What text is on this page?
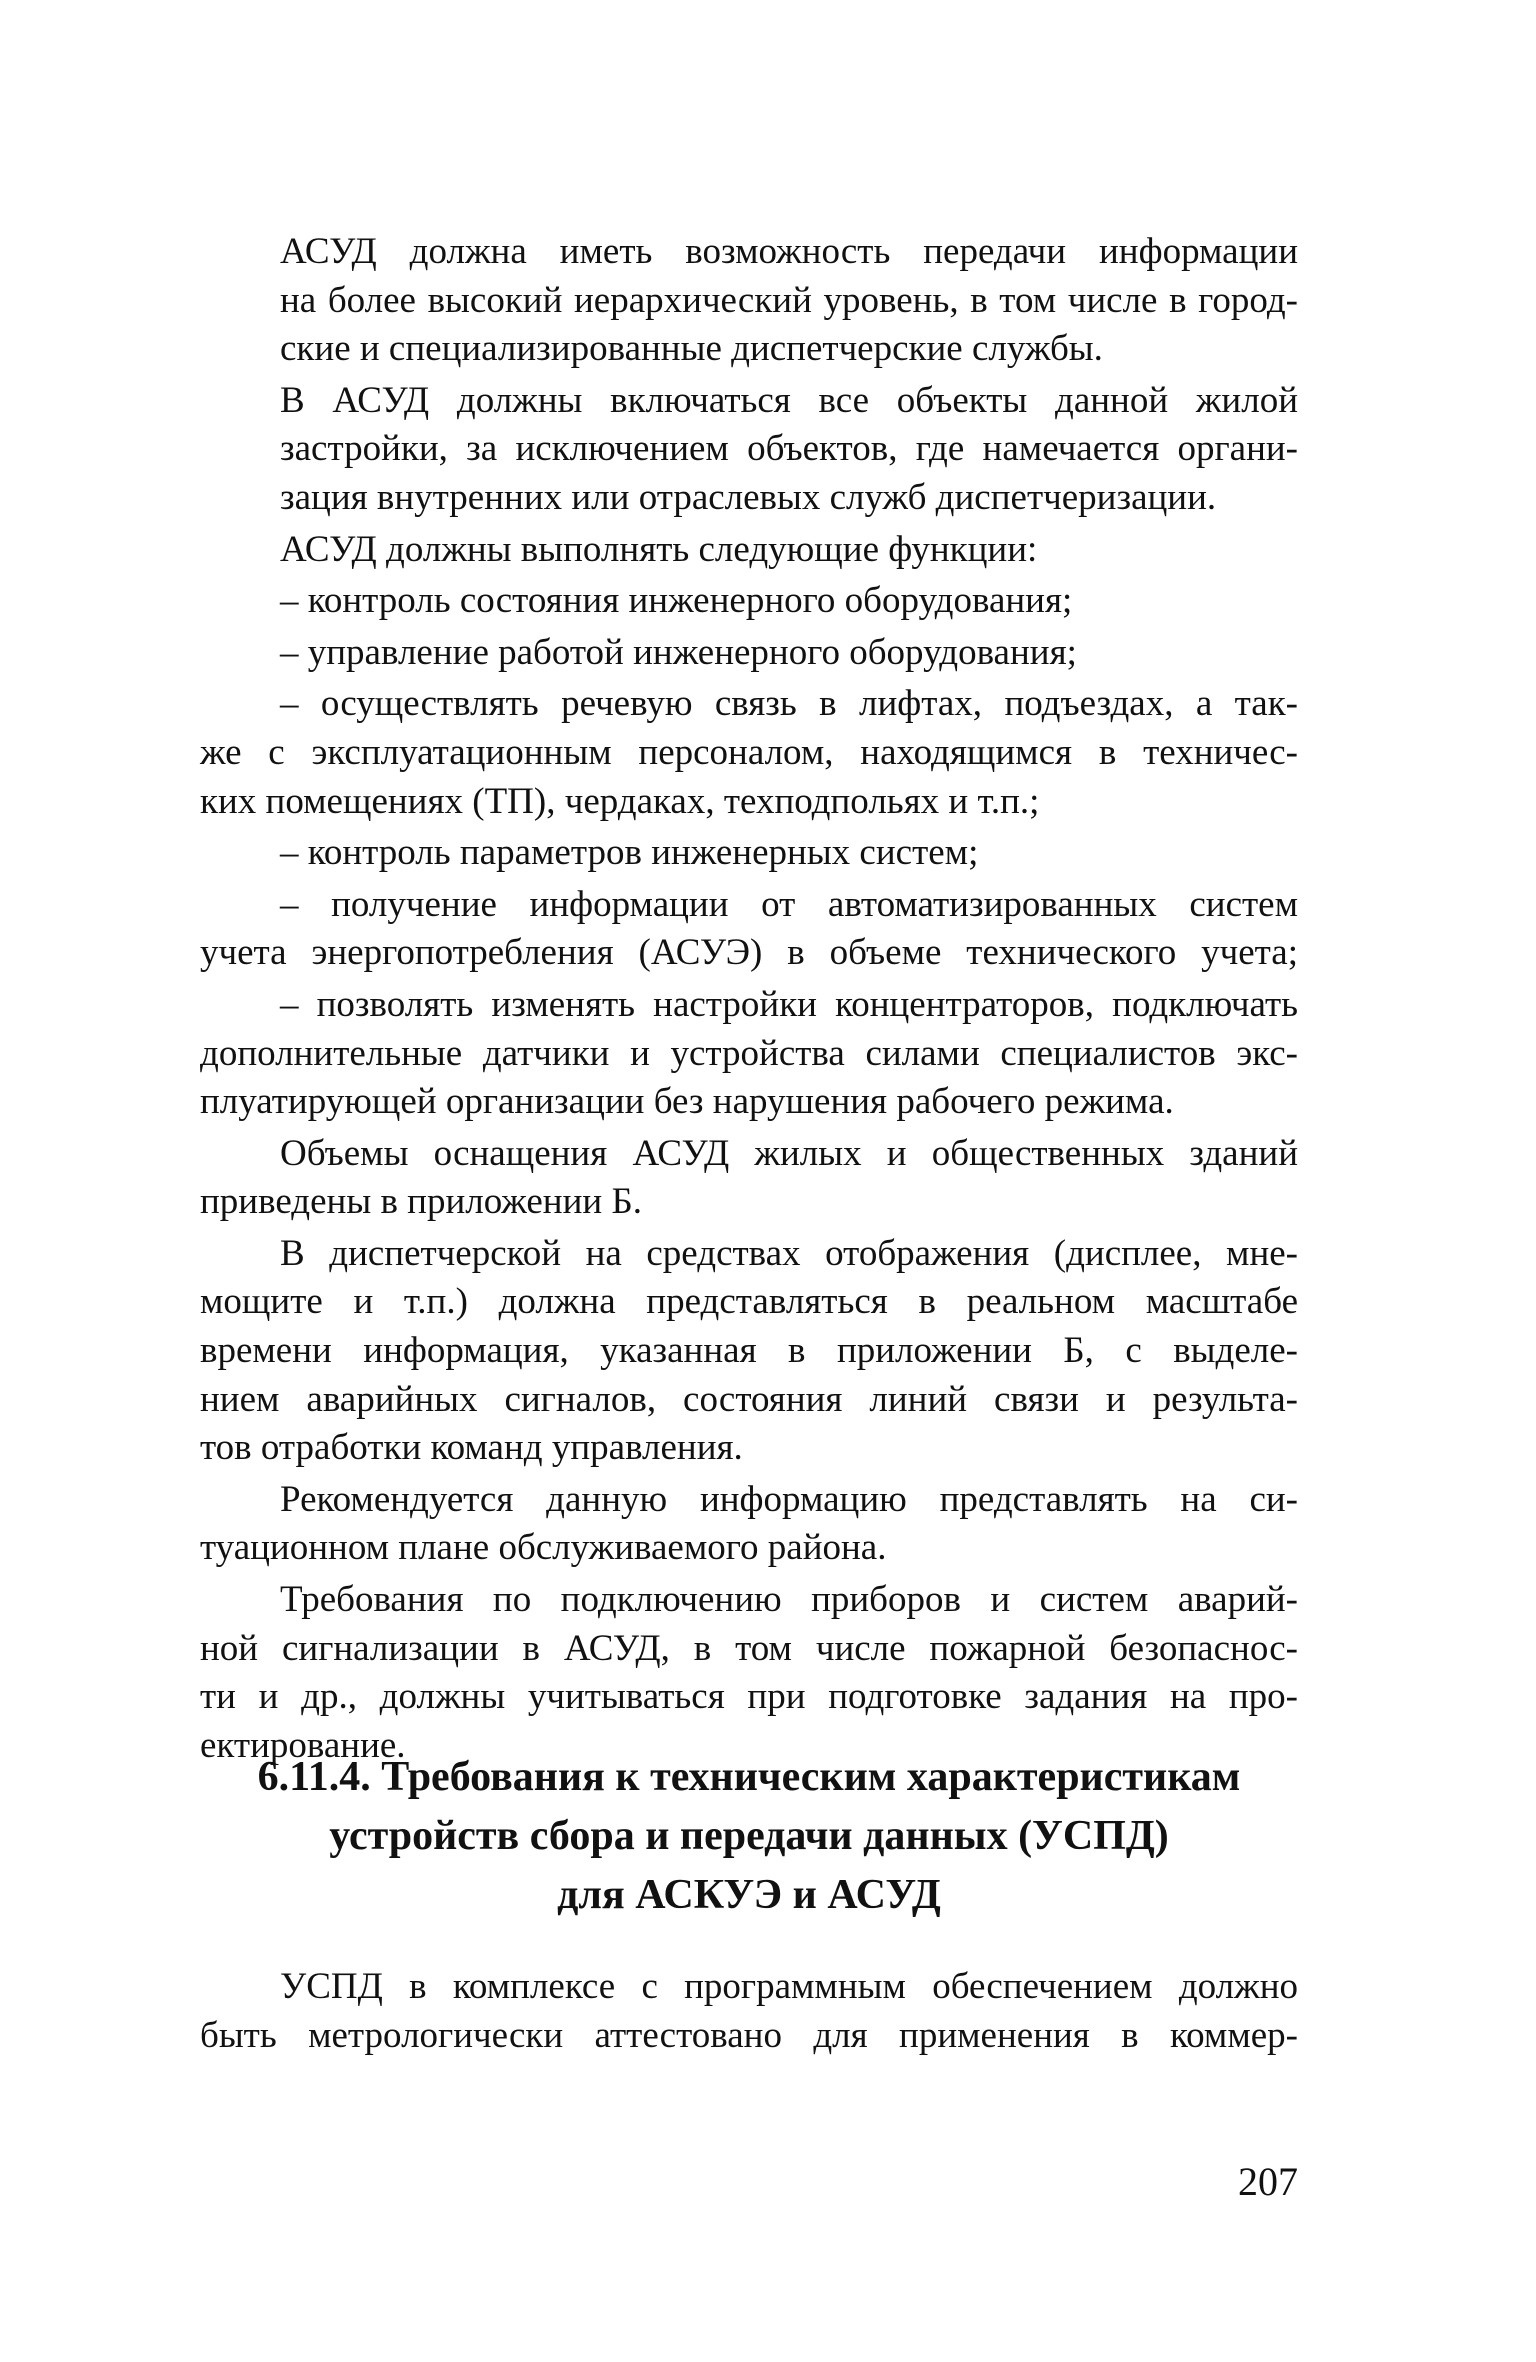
АСУД должна иметь возможность передачи информации
на более высокий иерархический уровень, в том числе в город-
ские и специализированные диспетчерские службы.

В АСУД должны включаться все объекты данной жилой
застройки, за исключением объектов, где намечается органи-
зация внутренних или отраслевых служб диспетчеризации.

АСУД должны выполнять следующие функции:

– контроль состояния инженерного оборудования;

– управление работой инженерного оборудования;

– осуществлять речевую связь в лифтах, подъездах, а так-
же с эксплуатационным персоналом, находящимся в техничес-
ких помещениях (ТП), чердаках, техподпольях и т.п.;

– контроль параметров инженерных систем;

– получение информации от автоматизированных систем
учета энергопотребления (АСУЭ) в объеме технического учета;

– позволять изменять настройки концентраторов, подключать
дополнительные датчики и устройства силами специалистов экс-
плуатирующей организации без нарушения рабочего режима.

Объемы оснащения АСУД жилых и общественных зданий
приведены в приложении Б.

В диспетчерской на средствах отображения (дисплее, мне-
мощите и т.п.) должна представляться в реальном масштабе
времени информация, указанная в приложении Б, с выделе-
нием аварийных сигналов, состояния линий связи и результа-
тов отработки команд управления.

Рекомендуется данную информацию представлять на си-
туационном плане обслуживаемого района.

Требования по подключению приборов и систем аварий-
ной сигнализации в АСУД, в том числе пожарной безопаснос-
ти и др., должны учитываться при подготовке задания на про-
ектирование.

6.11.4. Требования к техническим характеристикам
устройств сбора и передачи данных (УСПД)
для АСКУЭ и АСУД

УСПД в комплексе с программным обеспечением должно
быть метрологически аттестовано для применения в коммер-

207
